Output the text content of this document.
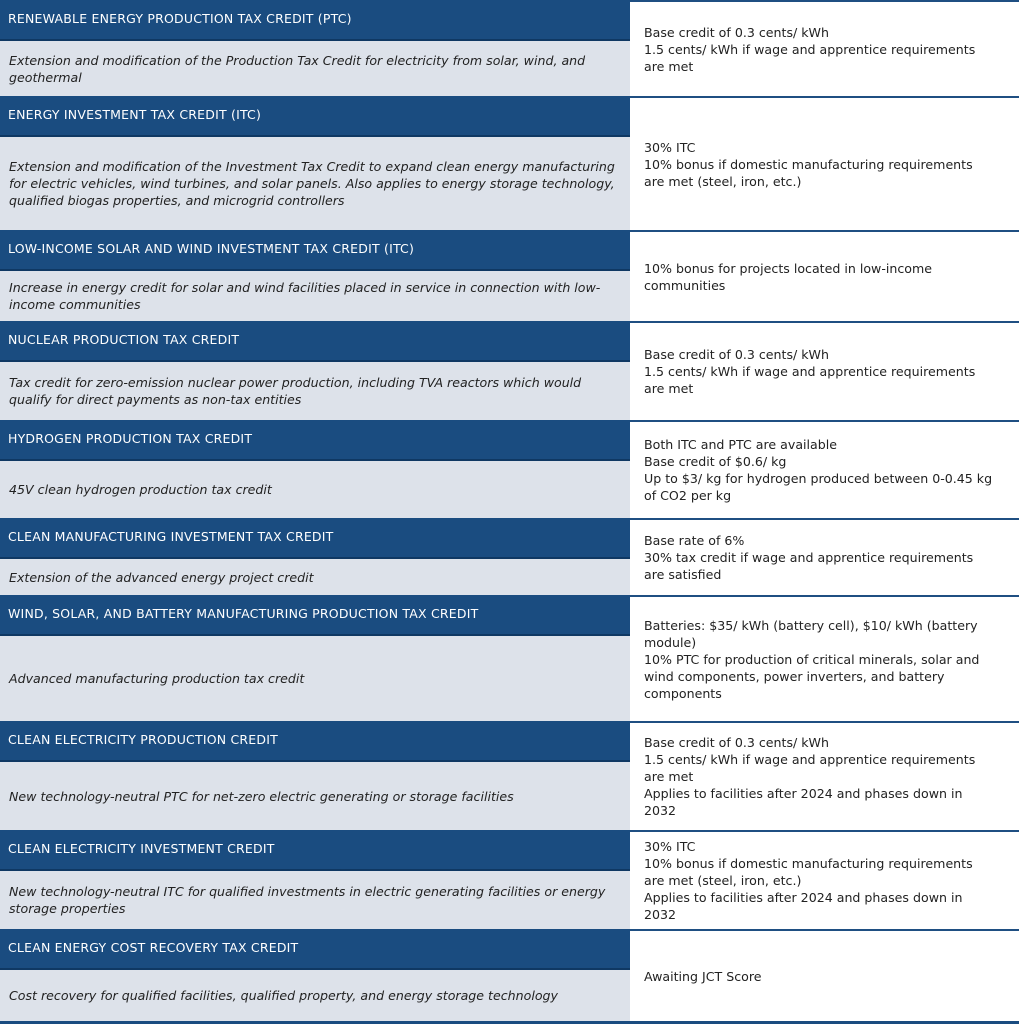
RENEWABLE ENERGY PRODUCTION TAX CREDIT (PTC)
Extension and modification of the Production Tax Credit for electricity from solar, wind, and geothermal
Base credit of 0.3 cents/ kWh
1.5 cents/ kWh if wage and apprentice requirements are met
ENERGY INVESTMENT TAX CREDIT (ITC)
Extension and modification of the Investment Tax Credit to expand clean energy manufacturing for electric vehicles, wind turbines, and solar panels. Also applies to energy storage technology, qualified biogas properties, and microgrid controllers
30% ITC
10% bonus if domestic manufacturing requirements are met (steel, iron, etc.)
LOW-INCOME SOLAR AND WIND INVESTMENT TAX CREDIT (ITC)
Increase in energy credit for solar and wind facilities placed in service in connection with low-income communities
10% bonus for projects located in low-income communities
NUCLEAR PRODUCTION TAX CREDIT
Tax credit for zero-emission nuclear power production, including TVA reactors which would qualify for direct payments as non-tax entities
Base credit of 0.3 cents/ kWh
1.5 cents/ kWh if wage and apprentice requirements are met
HYDROGEN PRODUCTION TAX CREDIT
45V clean hydrogen production tax credit
Both ITC and PTC are available
Base credit of $0.6/ kg
Up to $3/ kg for hydrogen produced between 0-0.45 kg of CO2 per kg
CLEAN MANUFACTURING INVESTMENT TAX CREDIT
Extension of the advanced energy project credit
Base rate of 6%
30% tax credit if wage and apprentice requirements are satisfied
WIND, SOLAR, AND BATTERY MANUFACTURING PRODUCTION TAX CREDIT
Advanced manufacturing production tax credit
Batteries: $35/ kWh (battery cell), $10/ kWh (battery module)
10% PTC for production of critical minerals, solar and wind components, power inverters, and battery components
CLEAN ELECTRICITY PRODUCTION CREDIT
New technology-neutral PTC for net-zero electric generating or storage facilities
Base credit of 0.3 cents/ kWh
1.5 cents/ kWh if wage and apprentice requirements are met
Applies to facilities after 2024 and phases down in 2032
CLEAN ELECTRICITY INVESTMENT CREDIT
New technology-neutral ITC for qualified investments in electric generating facilities or energy storage properties
30% ITC
10% bonus if domestic manufacturing requirements are met (steel, iron, etc.)
Applies to facilities after 2024 and phases down in 2032
CLEAN ENERGY COST RECOVERY TAX CREDIT
Cost recovery for qualified facilities, qualified property, and energy storage technology
Awaiting JCT Score
